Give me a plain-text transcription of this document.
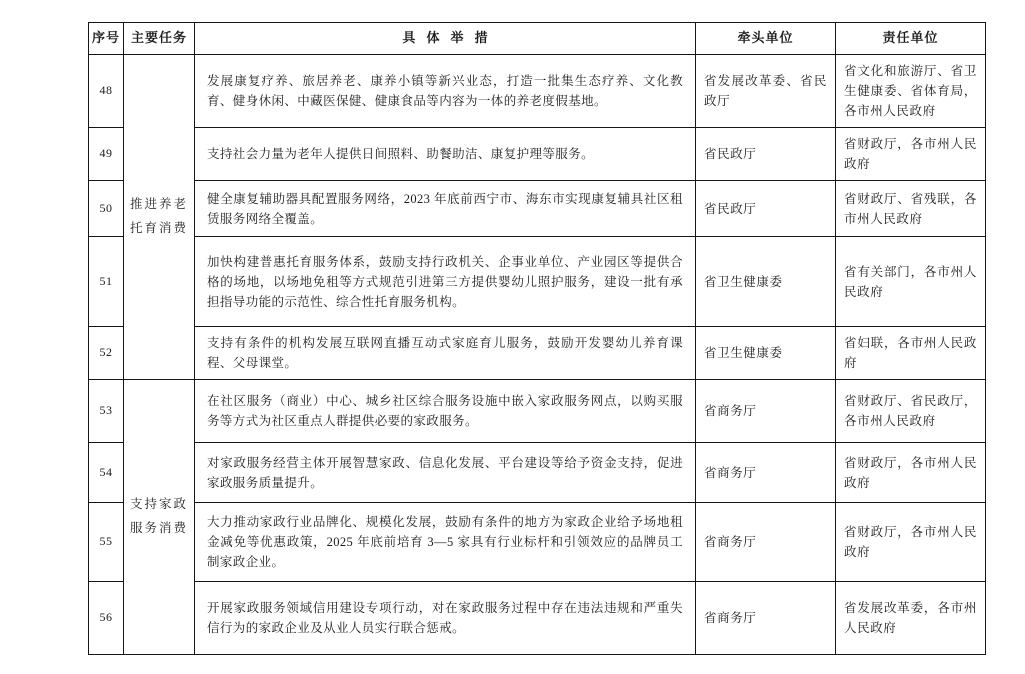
序号	主要任务	具体举措	牵头单位	责任单位
48	推进养老托育消费	发展康复疗养、旅居养老、康养小镇等新兴业态，打造一批集生态疗养、文化教育、健身休闲、中藏医保健、健康食品等内容为一体的养老度假基地。	省发展改革委、省民政厅	省文化和旅游厅、省卫生健康委、省体育局，各市州人民政府
49		支持社会力量为老年人提供日间照料、助餐助洁、康复护理等服务。	省民政厅	省财政厅，各市州人民政府
50		健全康复辅助器具配置服务网络，2023 年底前西宁市、海东市实现康复辅具社区租赁服务网络全覆盖。	省民政厅	省财政厅、省残联，各市州人民政府
51		加快构建普惠托育服务体系，鼓励支持行政机关、企事业单位、产业园区等提供合格的场地，以场地免租等方式规范引进第三方提供婴幼儿照护服务，建设一批有承担指导功能的示范性、综合性托育服务机构。	省卫生健康委	省有关部门，各市州人民政府
52		支持有条件的机构发展互联网直播互动式家庭育儿服务，鼓励开发婴幼儿养育课程、父母课堂。	省卫生健康委	省妇联，各市州人民政府
53	支持家政服务消费	在社区服务（商业）中心、城乡社区综合服务设施中嵌入家政服务网点，以购买服务等方式为社区重点人群提供必要的家政服务。	省商务厅	省财政厅、省民政厅，各市州人民政府
54		对家政服务经营主体开展智慧家政、信息化发展、平台建设等给予资金支持，促进家政服务质量提升。	省商务厅	省财政厅，各市州人民政府
55		大力推动家政行业品牌化、规模化发展，鼓励有条件的地方为家政企业给予场地租金减免等优惠政策，2025 年底前培育 3—5 家具有行业标杆和引领效应的品牌员工制家政企业。	省商务厅	省财政厅，各市州人民政府
56		开展家政服务领域信用建设专项行动，对在家政服务过程中存在违法违规和严重失信行为的家政企业及从业人员实行联合惩戒。	省商务厅	省发展改革委，各市州人民政府
